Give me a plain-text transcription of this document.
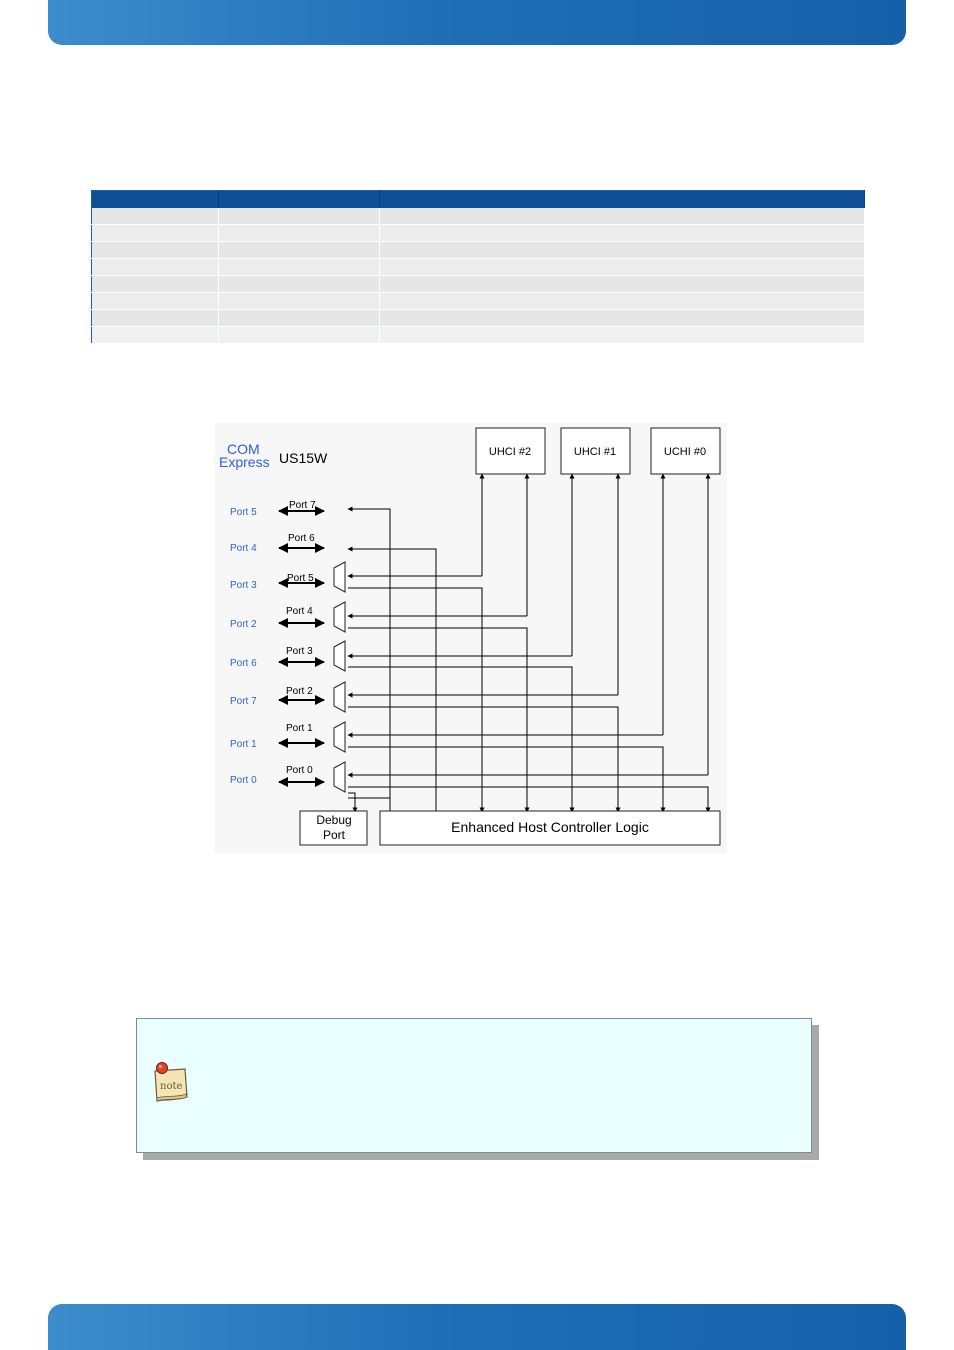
COM
Express US15W	UHCI #2	UHCI #1	UCHI #0
Port 5
Port 7
Port 4
Port 6
Port 3
Port 5
Port 2
Port 4
Port 6
Port 3
Port 7
Port 2
Port 1
Port 1
Port 0
Port 0
Debug
Port	Enhanced Host Controller Logic
note
